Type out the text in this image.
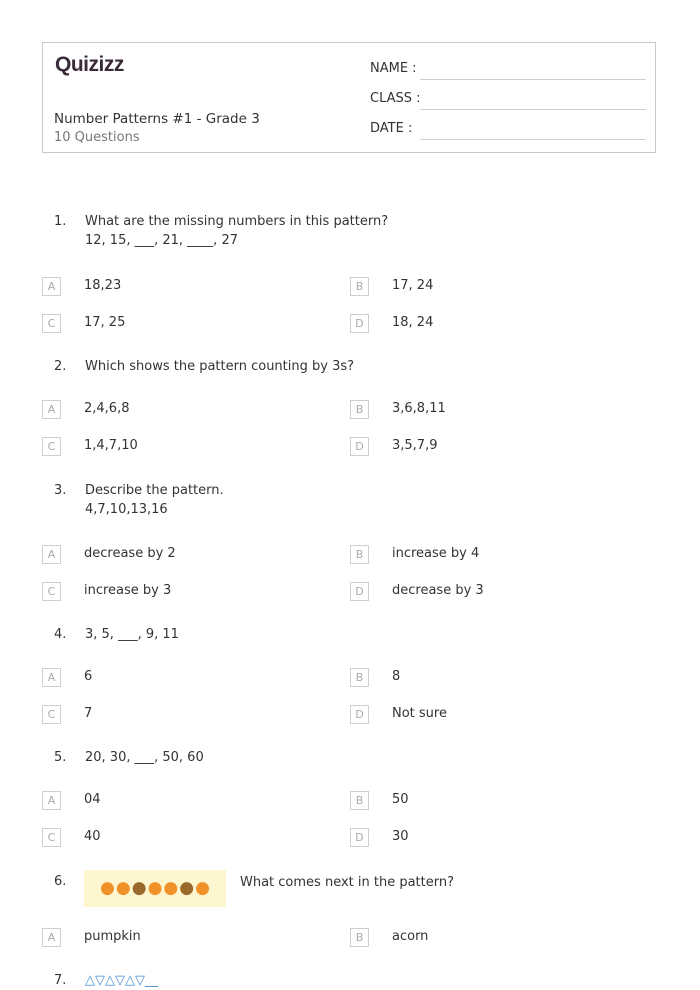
Quizizz
Number Patterns #1 - Grade 3
10 Questions
NAME :
CLASS :
DATE :
1. What are the missing numbers in this pattern?
12, 15, ___, 21, ____, 27
A	18,23	B	17, 24
C	17, 25	D	18, 24
2. Which shows the pattern counting by 3s?
A	2,4,6,8	B	3,6,8,11
C	1,4,7,10	D	3,5,7,9
3. Describe the pattern.
4,7,10,13,16
A	decrease by 2	B	increase by 4
C	increase by 3	D	decrease by 3
4. 3, 5, ___, 9, 11
A	6	B	8
C	7	D	Not sure
5. 20, 30, ___, 50, 60
A	04	B	50
C	40	D	30
6. ● ● ● ● ● ● ● What comes next in the pattern?
A	pumpkin	B	acorn
7. △▽△▽△▽__
